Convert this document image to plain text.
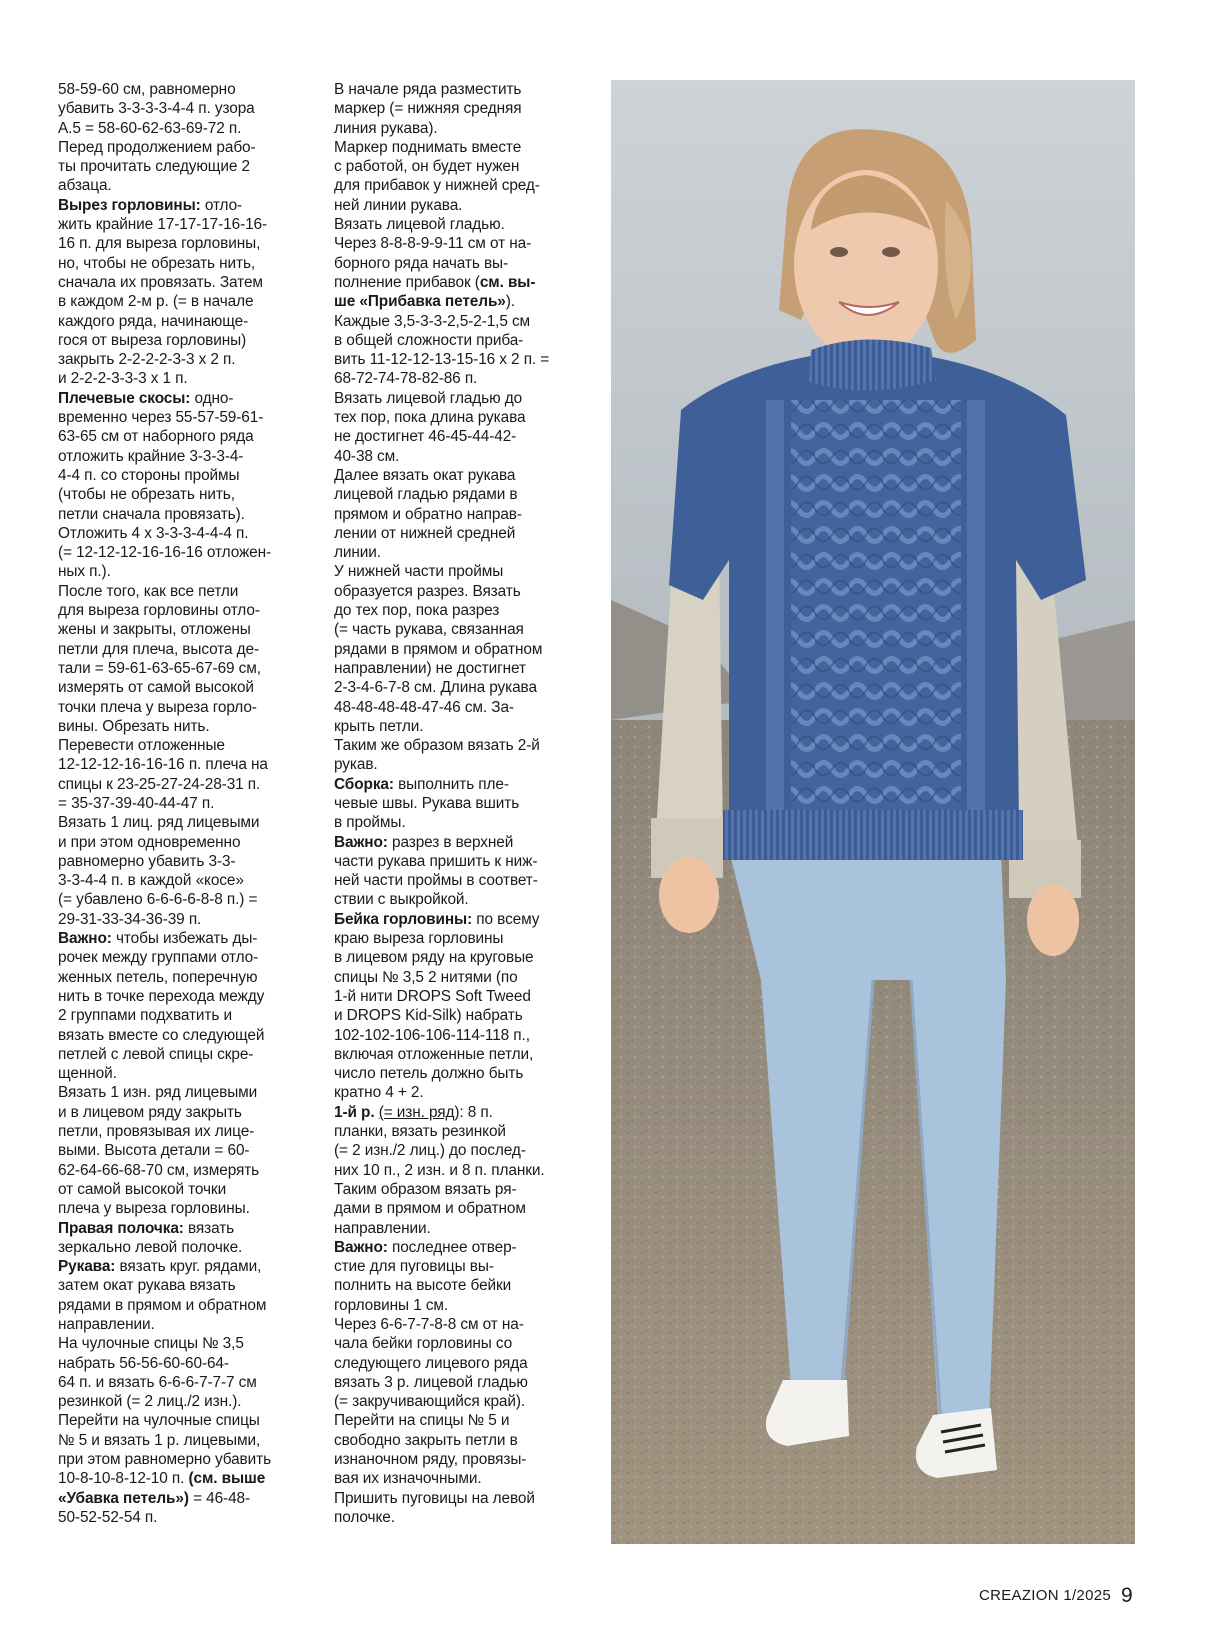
58-59-60 см, равномерно
убавить 3-3-3-3-4-4 п. узора
А.5 = 58-60-62-63-69-72 п.
Перед продолжением рабо-
ты прочитать следующие 2
абзаца.
Вырез горловины: отло-
жить крайние 17-17-17-16-16-
16 п. для выреза горловины,
но, чтобы не обрезать нить,
сначала их провязать. Затем
в каждом 2-м р. (= в начале
каждого ряда, начинающе-
гося от выреза горловины)
закрыть 2-2-2-2-3-3 х 2 п.
и 2-2-2-3-3-3 х 1 п.
Плечевые скосы: одно-
временно через 55-57-59-61-
63-65 см от наборного ряда
отложить крайние 3-3-3-4-
4-4 п. со стороны проймы
(чтобы не обрезать нить,
петли сначала провязать).
Отложить 4 х 3-3-3-4-4-4 п.
(= 12-12-12-16-16-16 отложен-
ных п.).
После того, как все петли
для выреза горловины отло-
жены и закрыты, отложены
петли для плеча, высота де-
тали = 59-61-63-65-67-69 см,
измерять от самой высокой
точки плеча у выреза горло-
вины. Обрезать нить.
Перевести отложенные
12-12-12-16-16-16 п. плеча на
спицы к 23-25-27-24-28-31 п.
= 35-37-39-40-44-47 п.
Вязать 1 лиц. ряд лицевыми
и при этом одновременно
равномерно убавить 3-3-
3-3-4-4 п. в каждой «косе»
(= убавлено 6-6-6-6-8-8 п.) =
29-31-33-34-36-39 п.
Важно: чтобы избежать ды-
рочек между группами отло-
женных петель, поперечную
нить в точке перехода между
2 группами подхватить и
вязать вместе со следующей
петлей с левой спицы скре-
щенной.
Вязать 1 изн. ряд лицевыми
и в лицевом ряду закрыть
петли, провязывая их лице-
выми. Высота детали = 60-
62-64-66-68-70 см, измерять
от самой высокой точки
плеча у выреза горловины.
Правая полочка: вязать
зеркально левой полочке.
Рукава: вязать круг. рядами,
затем окат рукава вязать
рядами в прямом и обратном
направлении.
На чулочные спицы № 3,5
набрать 56-56-60-60-64-
64 п. и вязать 6-6-6-7-7-7 см
резинкой (= 2 лиц./2 изн.).
Перейти на чулочные спицы
№ 5 и вязать 1 р. лицевыми,
при этом равномерно убавить
10-8-10-8-12-10 п. (см. выше
«Убавка петель») = 46-48-
50-52-52-54 п.
В начале ряда разместить
маркер (= нижняя средняя
линия рукава).
Маркер поднимать вместе
с работой, он будет нужен
для прибавок у нижней сред-
ней линии рукава.
Вязать лицевой гладью.
Через 8-8-8-9-9-11 см от на-
борного ряда начать вы-
полнение прибавок (см. вы-
ше «Прибавка петель»).
Каждые 3,5-3-3-2,5-2-1,5 см
в общей сложности приба-
вить 11-12-12-13-15-16 х 2 п. =
68-72-74-78-82-86 п.
Вязать лицевой гладью до
тех пор, пока длина рукава
не достигнет 46-45-44-42-
40-38 см.
Далее вязать окат рукава
лицевой гладью рядами в
прямом и обратно направ-
лении от нижней средней
линии.
У нижней части проймы
образуется разрез. Вязать
до тех пор, пока разрез
(= часть рукава, связанная
рядами в прямом и обратном
направлении) не достигнет
2-3-4-6-7-8 см. Длина рукава
48-48-48-48-47-46 см. За-
крыть петли.
Таким же образом вязать 2-й
рукав.
Сборка: выполнить пле-
чевые швы. Рукава вшить
в проймы.
Важно: разрез в верхней
части рукава пришить к ниж-
ней части проймы в соответ-
ствии с выкройкой.
Бейка горловины: по всему
краю выреза горловины
в лицевом ряду на круговые
спицы № 3,5 2 нитями (по
1-й нити DROPS Soft Tweed
и DROPS Kid-Silk) набрать
102-102-106-106-114-118 п.,
включая отложенные петли,
число петель должно быть
кратно 4 + 2.
1-й р. (= изн. ряд): 8 п.
планки, вязать резинкой
(= 2 изн./2 лиц.) до послед-
них 10 п., 2 изн. и 8 п. планки.
Таким образом вязать ря-
дами в прямом и обратном
направлении.
Важно: последнее отвер-
стие для пуговицы вы-
полнить на высоте бейки
горловины 1 см.
Через 6-6-7-7-8-8 см от на-
чала бейки горловины со
следующего лицевого ряда
вязать 3 р. лицевой гладью
(= закручивающийся край).
Перейти на спицы № 5 и
свободно закрыть петли в
изнаночном ряду, провязы-
вая их изначочными.
Пришить пуговицы на левой
полочке.
CREAZION 1/2025 9
